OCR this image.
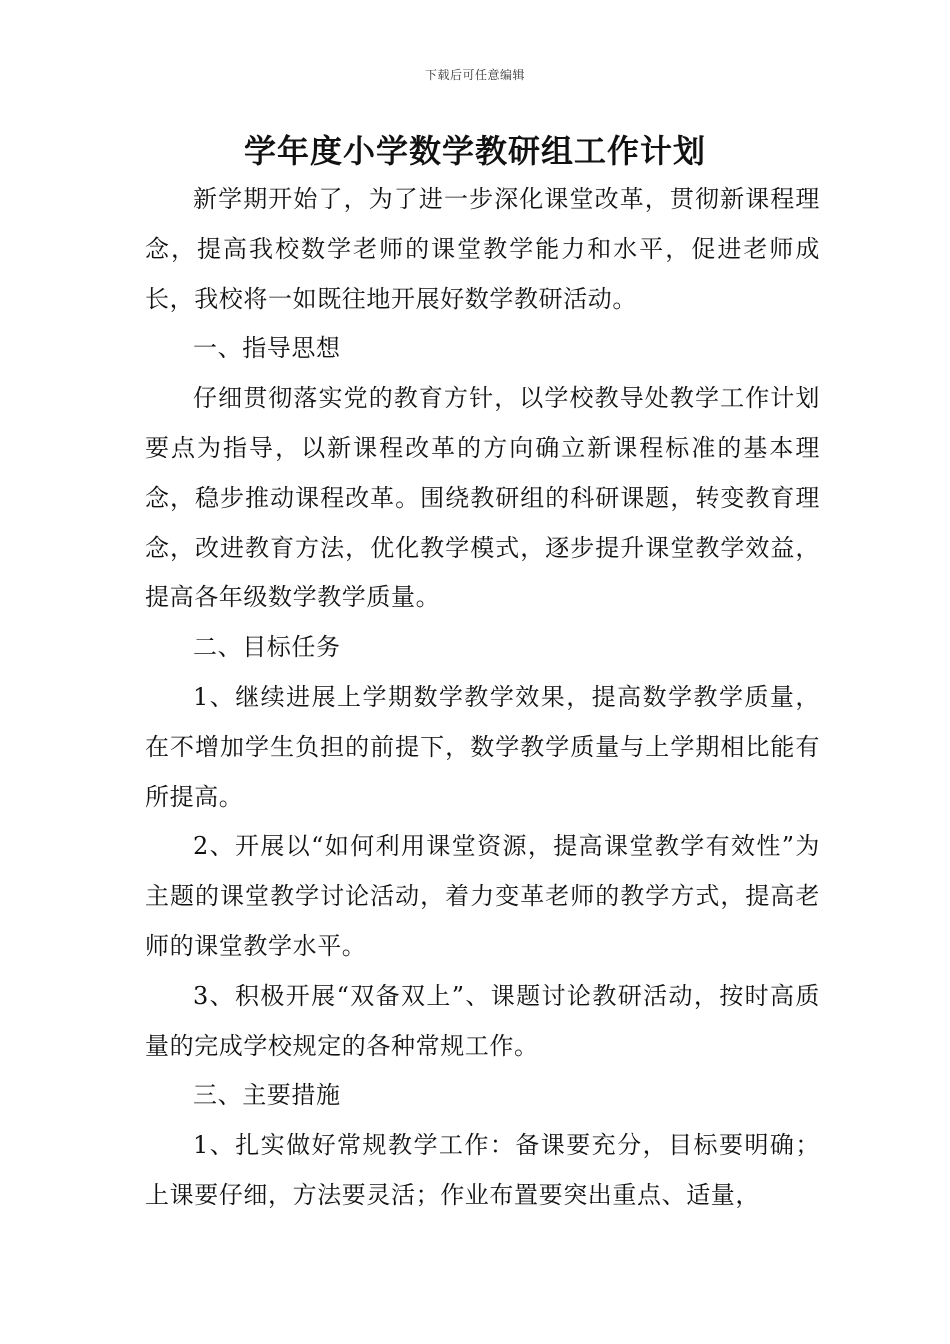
下载后可任意编辑
学年度小学数学教研组工作计划

新学期开始了，为了进一步深化课堂改革，贯彻新课程理念，提高我校数学老师的课堂教学能力和水平，促进老师成长，我校将一如既往地开展好数学教研活动。

一、指导思想

仔细贯彻落实党的教育方针，以学校教导处教学工作计划要点为指导，以新课程改革的方向确立新课程标准的基本理念，稳步推动课程改革。围绕教研组的科研课题，转变教育理念，改进教育方法，优化教学模式，逐步提升课堂教学效益，提高各年级数学教学质量。

二、目标任务

1、继续进展上学期数学教学效果，提高数学教学质量，在不增加学生负担的前提下，数学教学质量与上学期相比能有所提高。

2、开展以“如何利用课堂资源，提高课堂教学有效性”为主题的课堂教学讨论活动，着力变革老师的教学方式，提高老师的课堂教学水平。

3、积极开展“双备双上”、课题讨论教研活动，按时高质量的完成学校规定的各种常规工作。

三、主要措施

1、扎实做好常规教学工作：备课要充分，目标要明确；上课要仔细，方法要灵活；作业布置要突出重点、适量，
